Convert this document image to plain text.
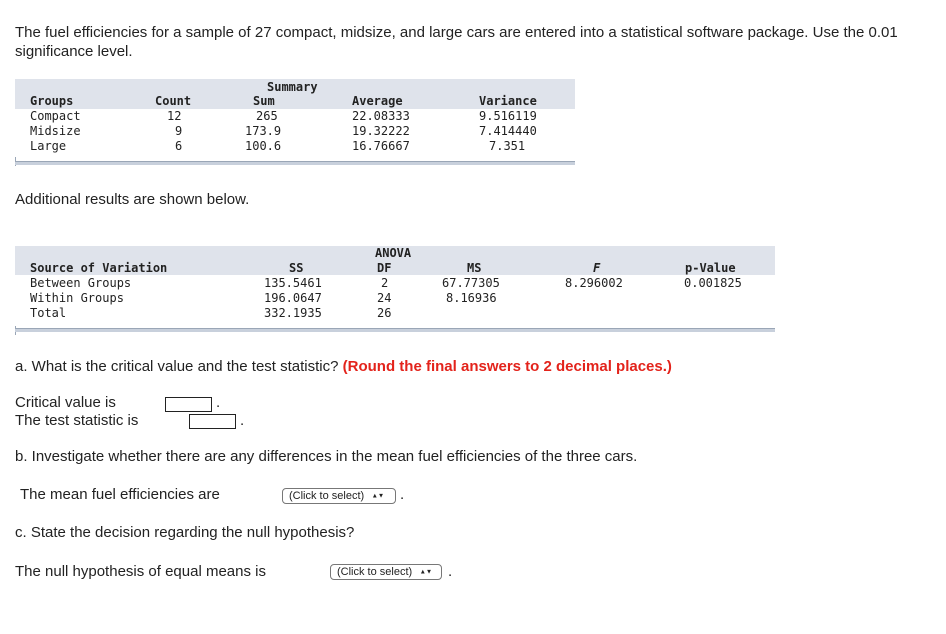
The fuel efficiencies for a sample of 27 compact, midsize, and large cars are entered into a statistical software package. Use the 0.01 significance level.
Summary
Groups	Count	Sum	Average	Variance
Compact	12	265	22.08333	9.516119
Midsize	9	173.9	19.32222	7.414440
Large	6	100.6	16.76667	7.351
Additional results are shown below.
ANOVA
Source of Variation	SS	DF	MS	F	p-Value
Between Groups	135.5461	2	67.77305	8.296002	0.001825
Within Groups	196.0647	24	8.16936
Total	332.1935	26
a. What is the critical value and the test statistic? (Round the final answers to 2 decimal places.)
Critical value is	.
The test statistic is	.
b. Investigate whether there are any differences in the mean fuel efficiencies of the three cars.
The mean fuel efficiencies are	(Click to select) ▲▼	.
c. State the decision regarding the null hypothesis?
The null hypothesis of equal means is	(Click to select) ▲▼	.
